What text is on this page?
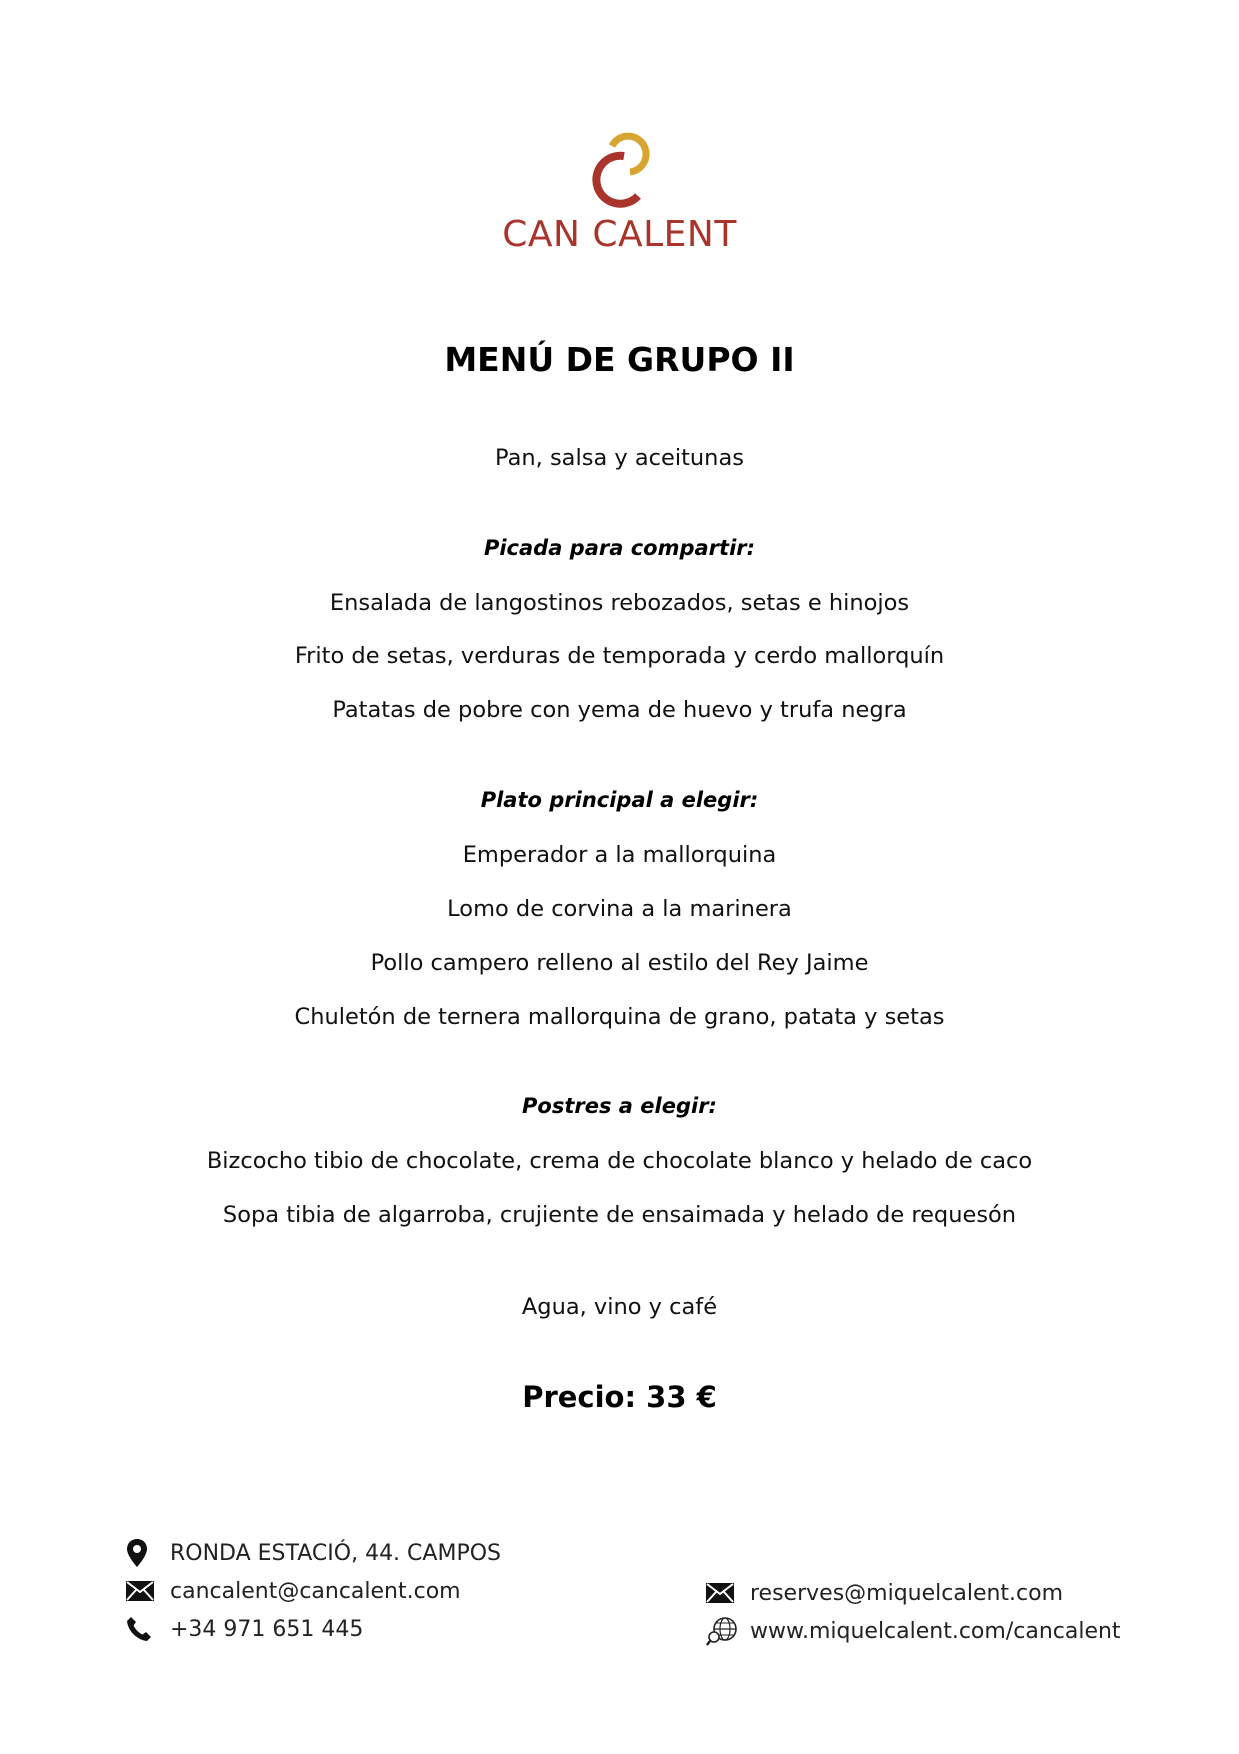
CAN CALENT
MENÚ DE GRUPO II
Pan, salsa y aceitunas
Picada para compartir:
Ensalada de langostinos rebozados, setas e hinojos
Frito de setas, verduras de temporada y cerdo mallorquín
Patatas de pobre con yema de huevo y trufa negra
Plato principal a elegir:
Emperador a la mallorquina
Lomo de corvina a la marinera
Pollo campero relleno al estilo del Rey Jaime
Chuletón de ternera mallorquina de grano, patata y setas
Postres a elegir:
Bizcocho tibio de chocolate, crema de chocolate blanco y helado de caco
Sopa tibia de algarroba, crujiente de ensaimada y helado de requesón
Agua, vino y café
Precio: 33 €
RONDA ESTACIÓ, 44. CAMPOS
cancalent@cancalent.com
+34 971 651 445
reserves@miquelcalent.com
www.miquelcalent.com/cancalent
